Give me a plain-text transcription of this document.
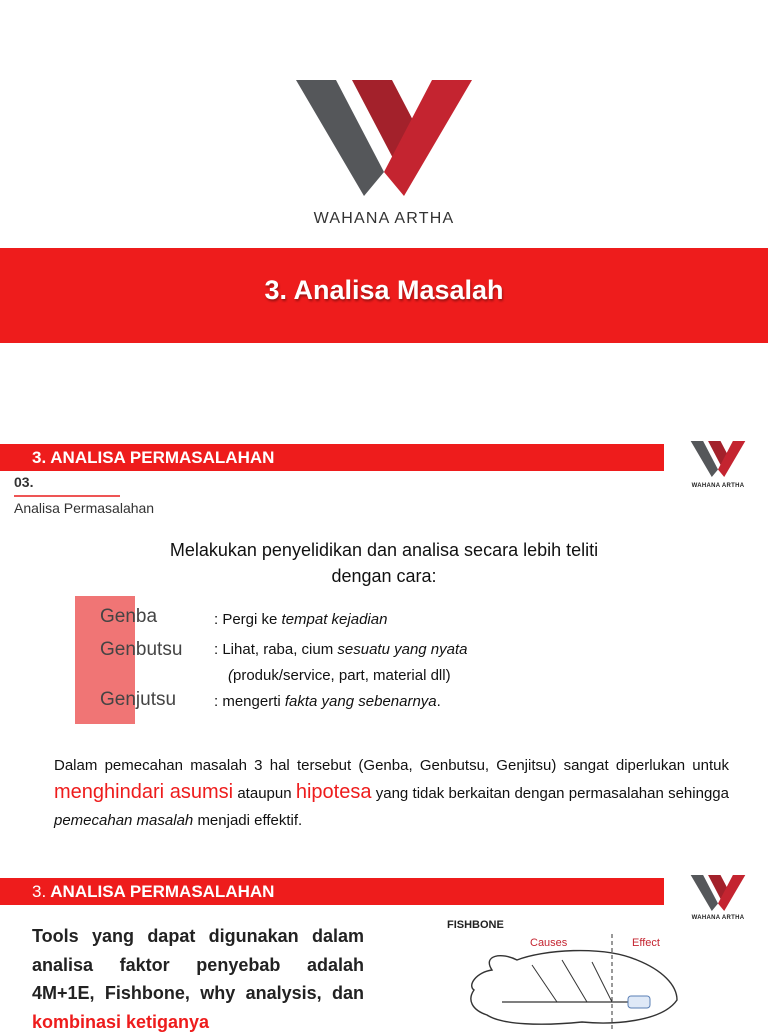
WAHANA ARTHA
3. Analisa Masalah
3. ANALISA PERMASALAHAN
WAHANA ARTHA
03.
Analisa Permasalahan
Melakukan penyelidikan dan analisa secara lebih teliti
dengan cara:
Genba	: Pergi ke tempat kejadian
Genbutsu : Lihat, raba, cium sesuatu yang nyata
(produk/service, part, material dll)
Genjutsu	: mengerti fakta yang sebenarnya.
Dalam pemecahan masalah 3 hal tersebut (Genba, Genbutsu, Genjitsu) sangat diperlukan untuk menghindari asumsi ataupun hipotesa yang tidak berkaitan dengan permasalahan sehingga pemecahan masalah menjadi effektif.
3. ANALISA PERMASALAHAN
WAHANA ARTHA
Tools yang dapat digunakan dalam analisa faktor penyebab adalah 4M+1E, Fishbone, why analysis, dan kombinasi ketiganya
FISHBONE
Causes	Effect
